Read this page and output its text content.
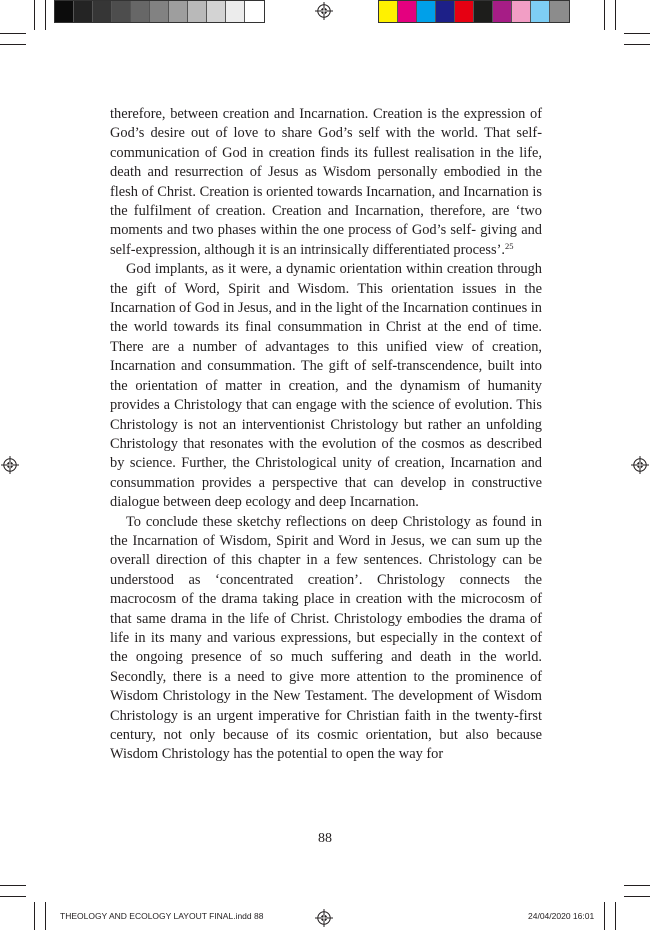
therefore, between creation and Incarnation. Creation is the expression of God’s desire out of love to share God’s self with the world. That self-communication of God in creation finds its fullest realisation in the life, death and resurrection of Jesus as Wisdom personally embodied in the flesh of Christ. Creation is oriented towards Incarnation, and Incarnation is the fulfilment of creation. Creation and Incarnation, therefore, are ‘two moments and two phases within the one process of God’s self- giving and self-expression, although it is an intrinsically differentiated process’.$^{25}$

God implants, as it were, a dynamic orientation within creation through the gift of Word, Spirit and Wisdom. This orientation issues in the Incarnation of God in Jesus, and in the light of the Incarnation continues in the world towards its final consummation in Christ at the end of time. There are a number of advantages to this unified view of creation, Incarnation and consummation. The gift of self-transcendence, built into the orientation of matter in creation, and the dynamism of humanity provides a Christology that can engage with the science of evolution. This Christology is not an interventionist Christology but rather an unfolding Christology that resonates with the evolution of the cosmos as described by science. Further, the Christological unity of creation, Incarnation and consummation provides a perspective that can develop in constructive dialogue between deep ecology and deep Incarnation.

To conclude these sketchy reflections on deep Christology as found in the Incarnation of Wisdom, Spirit and Word in Jesus, we can sum up the overall direction of this chapter in a few sentences. Christology can be understood as ‘concentrated creation’. Christology connects the macrocosm of the drama taking place in creation with the microcosm of that same drama in the life of Christ. Christology embodies the drama of life in its many and various expressions, but especially in the context of the ongoing presence of so much suffering and death in the world. Secondly, there is a need to give more attention to the prominence of Wisdom Christology in the New Testament. The development of Wisdom Christology is an urgent imperative for Christian faith in the twenty-first century, not only because of its cosmic orientation, but also because Wisdom Christology has the potential to open the way for

88
THEOLOGY AND ECOLOGY LAYOUT FINAL.indd 88	24/04/2020 16:01
